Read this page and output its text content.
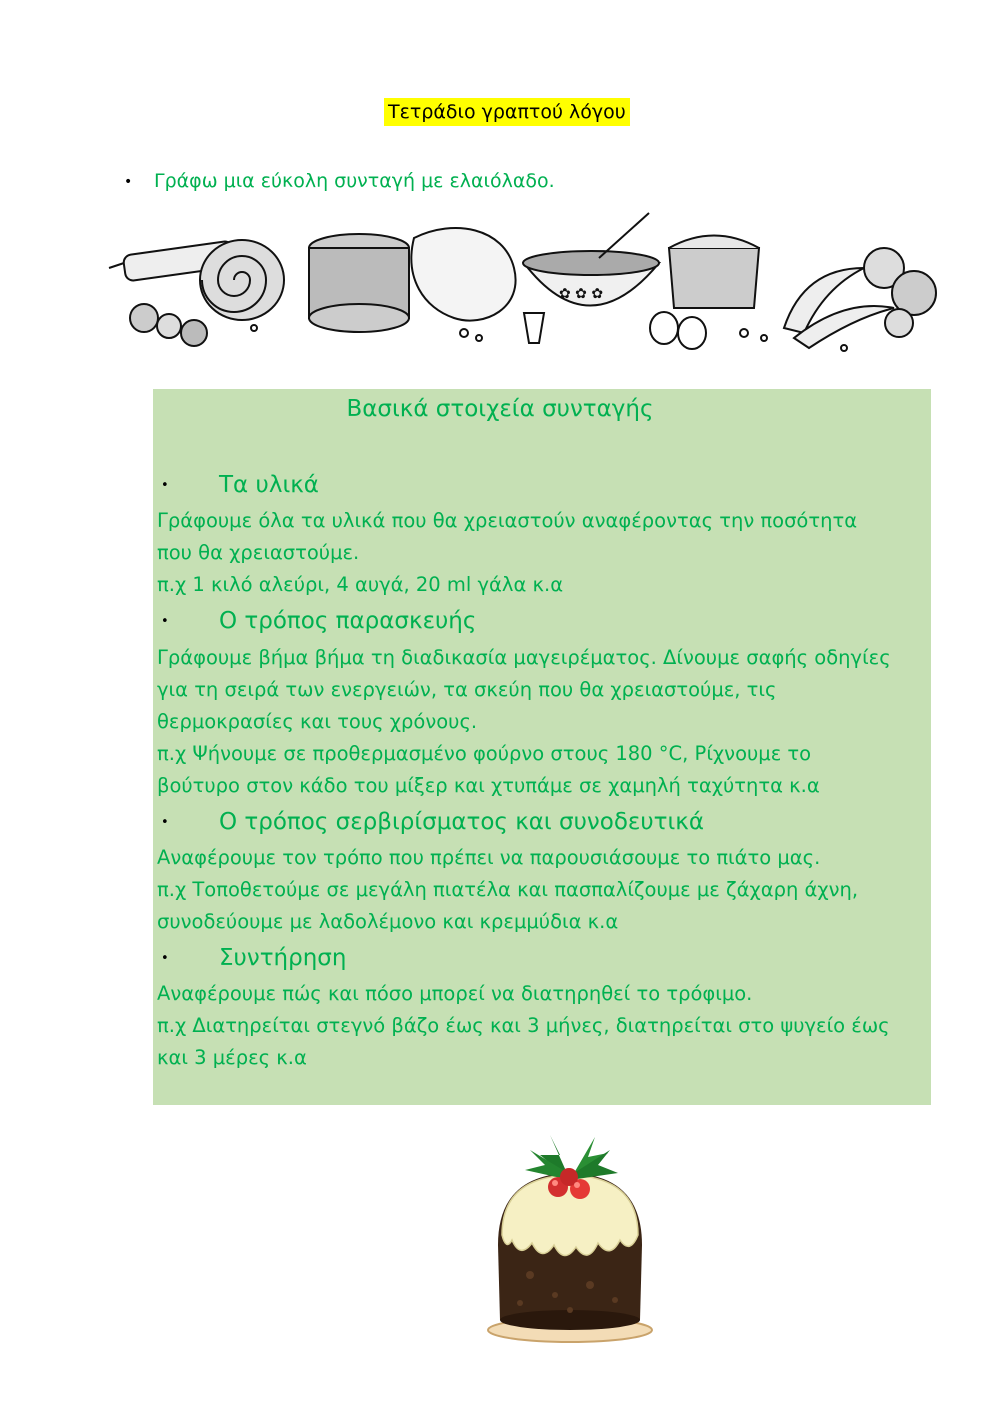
Τετράδιο γραπτού λόγου
• Γράφω μια εύκολη συνταγή με ελαιόλαδο.
✿ ✿ ✿
Βασικά στοιχεία συνταγής
• Τα υλικά
Γράφουμε όλα τα υλικά που θα χρειαστούν αναφέροντας την ποσότητα
που θα χρειαστούμε.
π.χ 1 κιλό αλεύρι, 4 αυγά, 20 ml γάλα κ.α
• Ο τρόπος παρασκευής
Γράφουμε βήμα βήμα τη διαδικασία μαγειρέματος. Δίνουμε σαφής οδηγίες
για τη σειρά των ενεργειών, τα σκεύη που θα χρειαστούμε, τις
θερμοκρασίες και τους χρόνους.
π.χ Ψήνουμε σε προθερμασμένο φούρνο στους 180 °C, Ρίχνουμε το
βούτυρο στον κάδο του μίξερ και χτυπάμε σε χαμηλή ταχύτητα κ.α
• Ο τρόπος σερβιρίσματος και συνοδευτικά
Αναφέρουμε τον τρόπο που πρέπει να παρουσιάσουμε το πιάτο μας.
π.χ Τοποθετούμε σε μεγάλη πιατέλα και πασπαλίζουμε με ζάχαρη άχνη,
συνοδεύουμε με λαδολέμονο και κρεμμύδια κ.α
• Συντήρηση
Αναφέρουμε πώς και πόσο μπορεί να διατηρηθεί το τρόφιμο.
π.χ Διατηρείται στεγνό βάζο έως και 3 μήνες, διατηρείται στο ψυγείο έως
και 3 μέρες κ.α
